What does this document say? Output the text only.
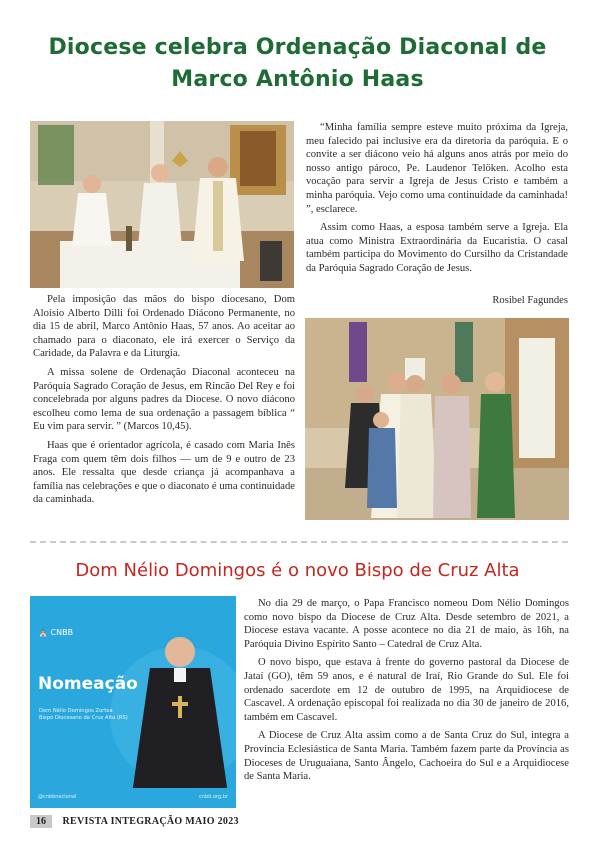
Diocese celebra Ordenação Diaconal de
Marco Antônio Haas

Pela imposição das mãos do bispo diocesano, Dom Aloísio Alberto Dilli foi Ordenado Diácono Permanente, no dia 15 de abril, Marco Antônio Haas, 57 anos. Ao aceitar ao chamado para o diaconato, ele irá exercer o Serviço da Caridade, da Palavra e da Liturgia.

A missa solene de Ordenação Diaconal aconteceu na Paróquia Sagrado Coração de Jesus, em Rincão Del Rey e foi concelebrada por alguns padres da Diocese. O novo diácono escolheu como lema de sua ordenação a passagem bíblica “ Eu vim para servir. ” (Marcos 10,45).

Haas que é orientador agrícola, é casado com Maria Inês Fraga com quem têm dois filhos — um de 9 e outro de 23 anos. Ele ressalta que desde criança já acompanhava a família nas celebrações e que o diaconato é uma continuidade da caminhada.

“Minha família sempre esteve muito próxima da Igreja, meu falecido pai inclusive era da diretoria da paróquia. E o convite a ser diácono veio há alguns anos atrás por meio do nosso antigo pároco, Pe. Laudenor Telöken. Acolho esta vocação para servir a Igreja de Jesus Cristo e também a minha paróquia. Vejo como uma continuidade da caminhada! ”, esclarece.

Assim como Haas, a esposa também serve a Igreja. Ela atua como Ministra Extraordinária da Eucaristia. O casal também participa do Movimento do Cursilho da Cristandade da Paróquia Sagrado Coração de Jesus.

Rosibel Fagundes
Dom Nélio Domingos é o novo Bispo de Cruz Alta
⛪ CNBB
Nomeação
Dom Nélio Domingos Zortea
Bispo Diocesano de Cruz Alta (RS)
@cnbbnacional	cnbb.org.br

No dia 29 de março, o Papa Francisco nomeou Dom Nélio Domingos como novo bispo da Diocese de Cruz Alta. Desde setembro de 2021, a Diocese estava vacante. A posse acontece no dia 21 de maio, às 16h, na Paróquia Divino Espírito Santo – Catedral de Cruz Alta.

O novo bispo, que estava à frente do governo pastoral da Diocese de Jataí (GO), têm 59 anos, e é natural de Iraí, Rio Grande do Sul. Ele foi ordenado sacerdote em 12 de outubro de 1995, na Arquidiocese de Cascavel. A ordenação episcopal foi realizada no dia 30 de janeiro de 2016, também em Cascavel.

A Diocese de Cruz Alta assim como a de Santa Cruz do Sul, integra a Província Eclesiástica de Santa Maria. Também fazem parte da Província as Dioceses de Uruguaiana, Santo Ângelo, Cachoeira do Sul e a Arquidiocese de Santa Maria.

16 REVISTA INTEGRAÇÃO MAIO 2023
